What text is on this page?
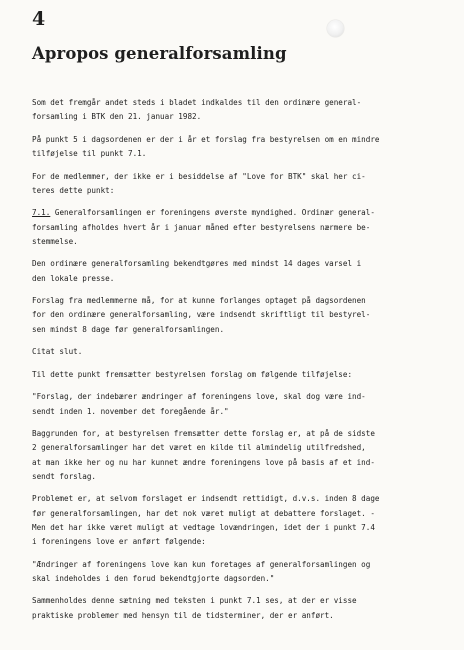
4
Apropos generalforsamling
Som det fremgår andet steds i bladet indkaldes til den ordinære general-
forsamling i BTK den 21. januar 1982.
På punkt 5 i dagsordenen er der i år et forslag fra bestyrelsen om en mindre
tilføjelse til punkt 7.1.
For de medlemmer, der ikke er i besiddelse af "Love for BTK" skal her ci-
teres dette punkt:
7.1. Generalforsamlingen er foreningens øverste myndighed. Ordinær general-
forsamling afholdes hvert år i januar måned efter bestyrelsens nærmere be-
stemmelse.
Den ordinære generalforsamling bekendtgøres med mindst 14 dages varsel i
den lokale presse.
Forslag fra medlemmerne må, for at kunne forlanges optaget på dagsordenen
for den ordinære generalforsamling, være indsendt skriftligt til bestyrel-
sen mindst 8 dage før generalforsamlingen.
Citat slut.
Til dette punkt fremsætter bestyrelsen forslag om følgende tilføjelse:
"Forslag, der indebærer ændringer af foreningens love, skal dog være ind-
sendt inden 1. november det foregående år."
Baggrunden for, at bestyrelsen fremsætter dette forslag er, at på de sidste
2 generalforsamlinger har det været en kilde til almindelig utilfredshed,
at man ikke her og nu har kunnet ændre foreningens love på basis af et ind-
sendt forslag.
Problemet er, at selvom forslaget er indsendt rettidigt, d.v.s. inden 8 dage
før generalforsamlingen, har det nok været muligt at debattere forslaget. -
Men det har ikke været muligt at vedtage lovændringen, idet der i punkt 7.4
i foreningens love er anført følgende:
"Ændringer af foreningens love kan kun foretages af generalforsamlingen og
skal indeholdes i den forud bekendtgjorte dagsorden."
Sammenholdes denne sætning med teksten i punkt 7.1 ses, at der er visse
praktiske problemer med hensyn til de tidsterminer, der er anført.
